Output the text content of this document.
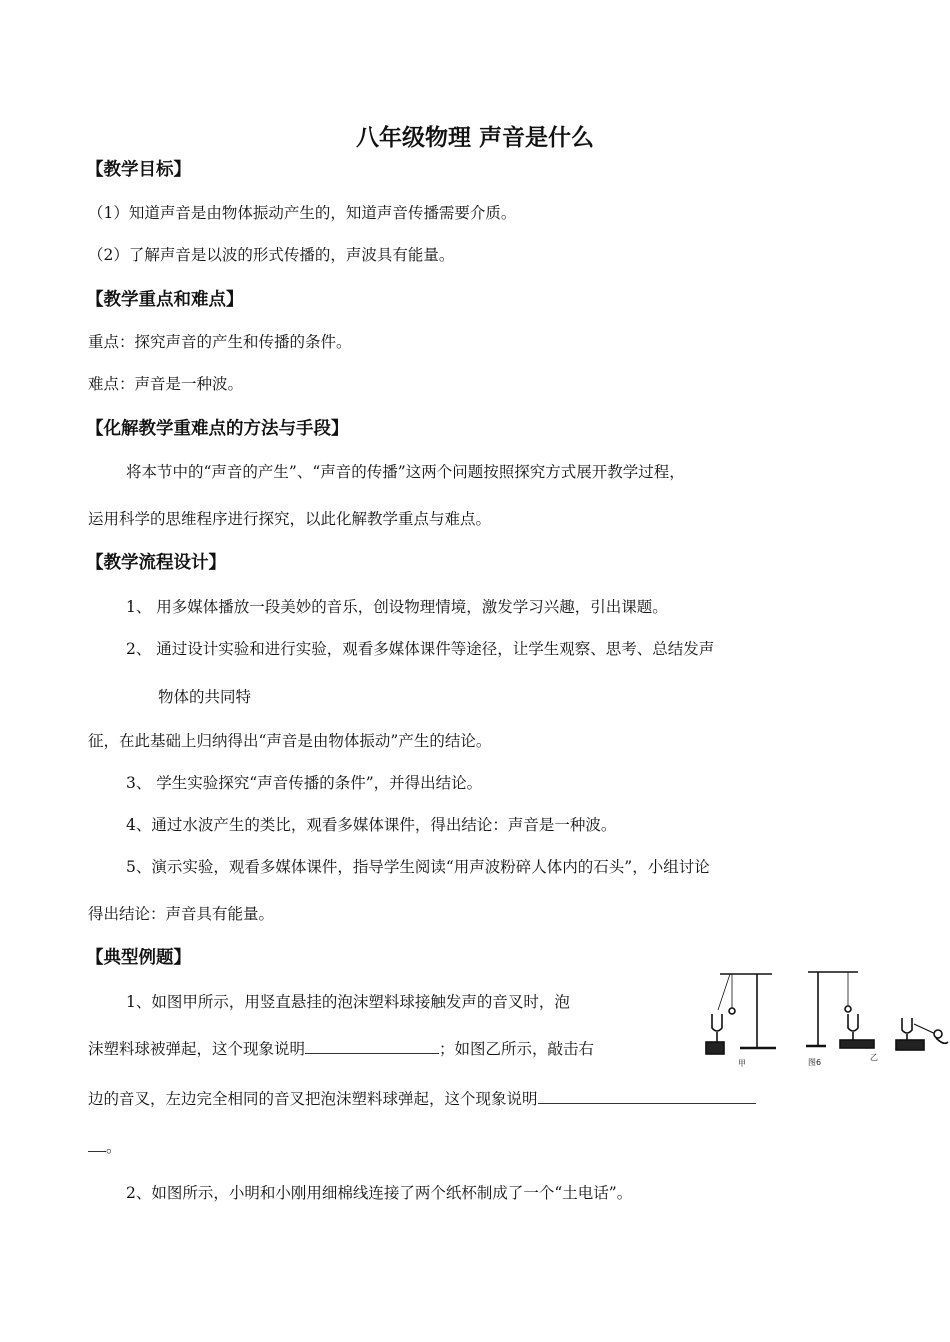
八年级物理 声音是什么
【教学目标】
（1）知道声音是由物体振动产生的，知道声音传播需要介质。
（2）了解声音是以波的形式传播的，声波具有能量。
【教学重点和难点】
重点：探究声音的产生和传播的条件。
难点：声音是一种波。
【化解教学重难点的方法与手段】
将本节中的“声音的产生”、“声音的传播”这两个问题按照探究方式展开教学过程，
运用科学的思维程序进行探究，以此化解教学重点与难点。
【教学流程设计】
1、 用多媒体播放一段美妙的音乐，创设物理情境，激发学习兴趣，引出课题。
2、 通过设计实验和进行实验，观看多媒体课件等途径，让学生观察、思考、总结发声
物体的共同特
征，在此基础上归纳得出“声音是由物体振动”产生的结论。
3、 学生实验探究“声音传播的条件”，并得出结论。
4、通过水波产生的类比，观看多媒体课件，得出结论：声音是一种波。
5、演示实验，观看多媒体课件，指导学生阅读“用声波粉碎人体内的石头”，小组讨论
得出结论：声音具有能量。
【典型例题】
1、如图甲所示，用竖直悬挂的泡沫塑料球接触发声的音叉时，泡
沫塑料球被弹起，这个现象说明	；如图乙所示，敲击右
边的音叉，左边完全相同的音叉把泡沫塑料球弹起，这个现象说明
。
2、如图所示，小明和小刚用细棉线连接了两个纸杯制成了一个“土电话”。
甲	图6
乙
